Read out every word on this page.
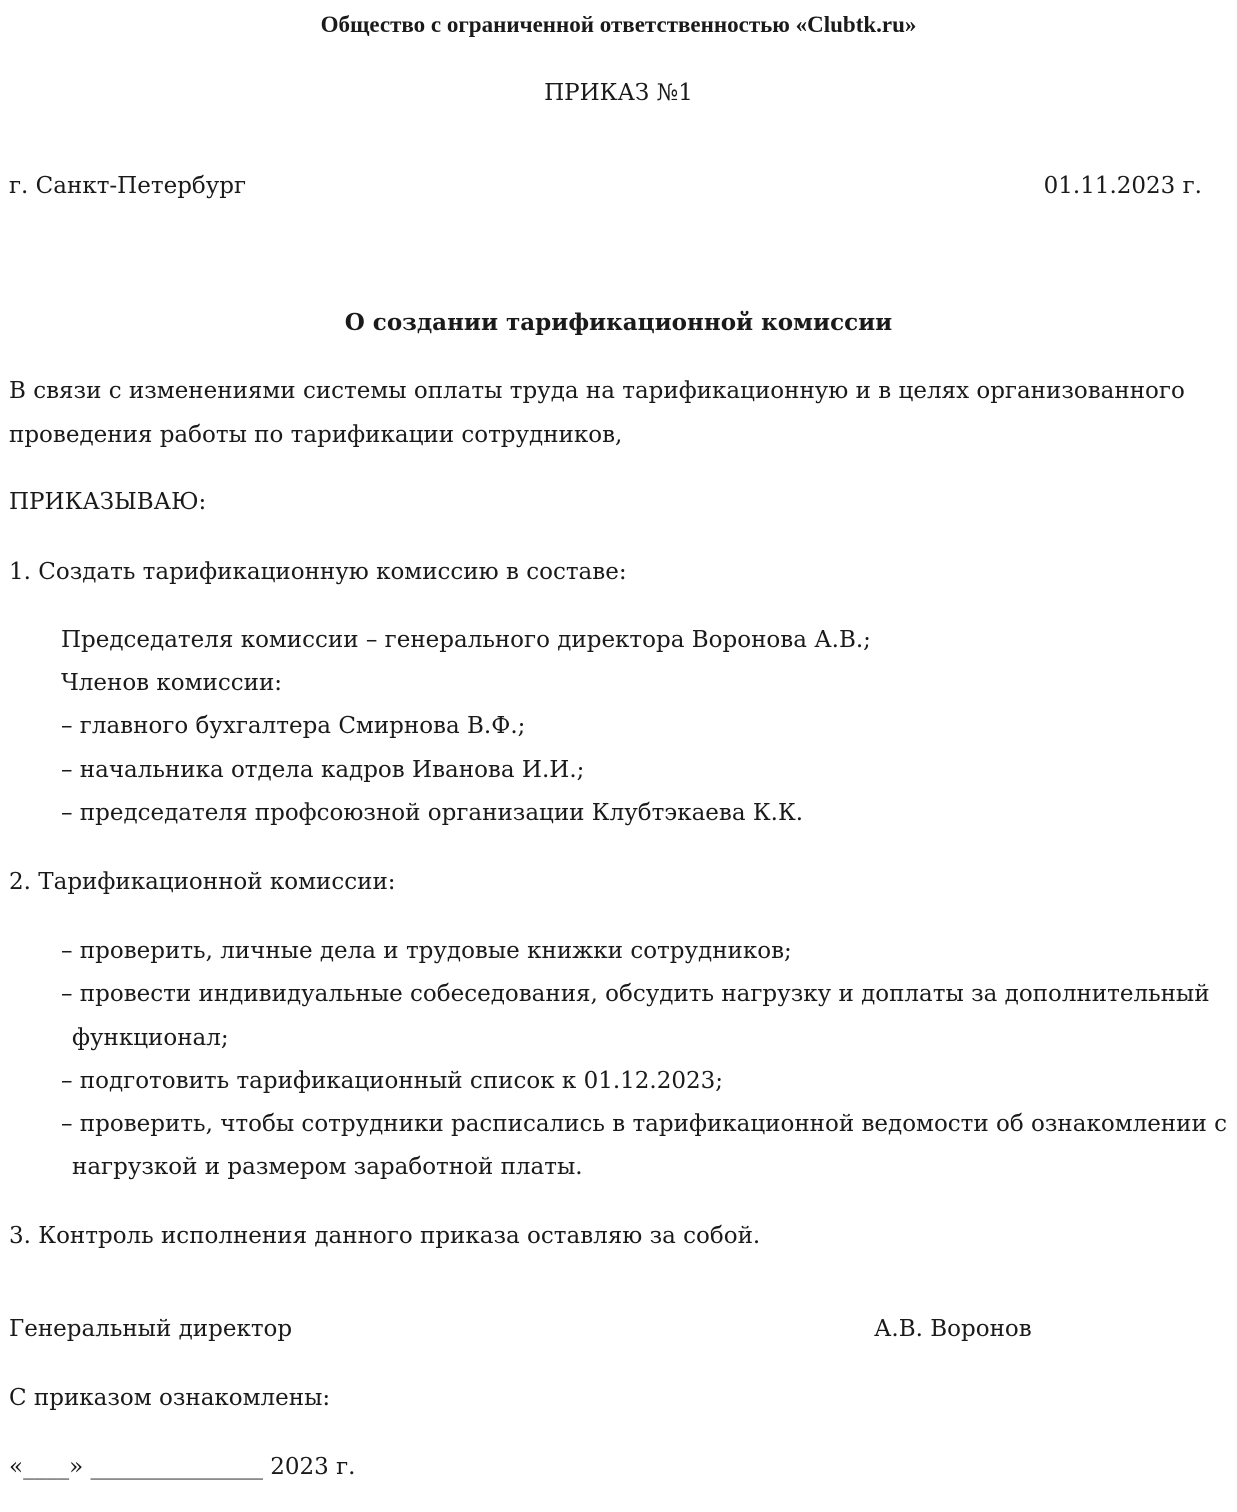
Общество с ограниченной ответственностью «Clubtk.ru»
ПРИКАЗ №1
г. Санкт-Петербург	01.11.2023 г.
О создании тарификационной комиссии
В связи с изменениями системы оплаты труда на тарификационную и в целях организованного
проведения работы по тарификации сотрудников,
ПРИКАЗЫВАЮ:
1. Создать тарификационную комиссию в составе:
Председателя комиссии – генерального директора Воронова А.В.;
Членов комиссии:
– главного бухгалтера Смирнова В.Ф.;
– начальника отдела кадров Иванова И.И.;
– председателя профсоюзной организации Клубтэкаева К.К.
2. Тарификационной комиссии:
– проверить, личные дела и трудовые книжки сотрудников;
– провести индивидуальные собеседования, обсудить нагрузку и доплаты за дополнительный
функционал;
– подготовить тарификационный список к 01.12.2023;
– проверить, чтобы сотрудники расписались в тарификационной ведомости об ознакомлении с
нагрузкой и размером заработной платы.
3. Контроль исполнения данного приказа оставляю за собой.
Генеральный директор	А.В. Воронов
С приказом ознакомлены:
«____» _______________ 2023 г.
